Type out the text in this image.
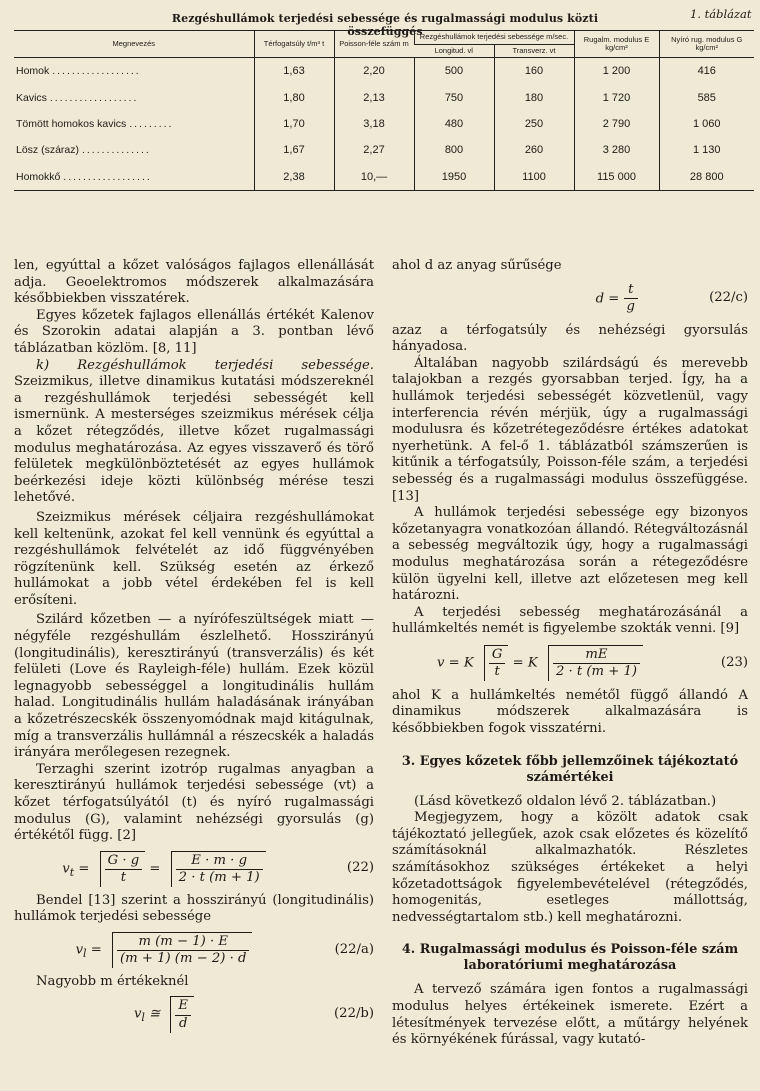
Rezgéshullámok terjedési sebessége és rugalmassági modulus közti összefüggés
1. táblázat
Megnevezés	Térfogatsúly t/m³ t	Poisson-féle szám m	Rezgéshullámok terjedési sebessége m/sec.		Rugalm. modulus E kg/cm²	Nyíró rug. modulus G kg/cm²
			Longitud. vl	Transverz. vt		
Homok ..................	1,63	2,20	500	160	1 200	416
Kavics ..................	1,80	2,13	750	180	1 720	585
Tömött homokos kavics .........	1,70	3,18	480	250	2 790	1 060
Lösz (száraz) ..............	1,67	2,27	800	260	3 280	1 130
Homokkő ..................	2,38	10,—	1950	1100	115 000	28 800

len, egyúttal a kőzet valóságos fajlagos ellenállását adja. Geoelektromos módszerek alkalmazására későbbiekben visszatérek.

Egyes kőzetek fajlagos ellenállás értékét Kalenov és Szorokin adatai alapján a 3. pontban lévő táblázatban közlöm. [8, 11]

k) Rezgéshullámok terjedési sebessége. Szeizmikus, illetve dinamikus kutatási módszereknél a rezgéshullámok terjedési sebességét kell ismernünk. A mesterséges szeizmikus mérések célja a kőzet rétegződés, illetve kőzet rugalmassági modulus meghatározása. Az egyes visszaverő és törő felületek megkülönböztetését az egyes hullámok beérkezési ideje közti különbség mérése teszi lehetővé.

Szeizmikus mérések céljaira rezgéshullámokat kell keltenünk, azokat fel kell vennünk és egyúttal a rezgéshullámok felvételét az idő függvényében rögzítenünk kell. Szükség esetén az érkező hullámokat a jobb vétel érdekében fel is kell erősíteni.

Szilárd kőzetben — a nyírófeszültségek miatt — négyféle rezgéshullám észlelhető. Hosszirányú (longitudinális), keresztirányú (transverzális) és két felületi (Love és Rayleigh-féle) hullám. Ezek közül legnagyobb sebességgel a longitudinális hullám halad. Longitudinális hullám haladásának irányában a kőzetrészecskék összenyomódnak majd kitágulnak, míg a transverzális hullámnál a részecskék a haladás irányára merőlegesen rezegnek.

Terzaghi szerint izotróp rugalmas anyagban a keresztirányú hullámok terjedési sebessége (vt) a kőzet térfogatsúlyától (t) és nyíró rugalmassági modulus (G), valamint nehézségi gyorsulás (g) értékétől függ. [2]

$v_t = \frac{G \cdot g}{t} = \frac{E \cdot m \cdot g}{2 \cdot t (m + 1)}$	(22)

Bendel [13] szerint a hosszirányú (longitudinális) hullámok terjedési sebessége

$v_l = \frac{m (m - 1) \cdot E}{(m + 1) (m - 2) \cdot d}$	(22/a)

Nagyobb m értékeknél

$v_l$ ≅ $\frac{E}{d}$	(22/b)

ahol d az anyag sűrűsége

$d = \frac{t}{g}$	(22/c)

azaz a térfogatsúly és nehézségi gyorsulás hányadosa.

Általában nagyobb szilárdságú és merevebb talajokban a rezgés gyorsabban terjed. Így, ha a hullámok terjedési sebességét közvetlenül, vagy interferencia révén mérjük, úgy a rugalmassági modulusra és kőzetrétegeződésre értékes adatokat nyerhetünk. A fel-ő 1. táblázatból számszerűen is kitűnik a térfogatsúly, Poisson-féle szám, a terjedési sebesség és a rugalmassági modulus összefüggése. [13]

A hullámok terjedési sebessége egy bizonyos kőzetanyagra vonatkozóan állandó. Rétegváltozásnál a sebesség megváltozik úgy, hogy a rugalmassági modulus meghatározása során a rétegeződésre külön ügyelni kell, illetve azt előzetesen meg kell határozni.

A terjedési sebesség meghatározásánál a hullámkeltés nemét is figyelembe szokták venni. [9]

v = K $\frac{G}{t} = K \frac{mE}{2 \cdot t (m + 1)}$	(23)

ahol K a hullámkeltés nemétől függő állandó A dinamikus módszerek alkalmazására is későbbiekben fogok visszatérni.

3. Egyes kőzetek főbb jellemzőinek tájékoztató számértékei

(Lásd következő oldalon lévő 2. táblázatban.)

Megjegyzem, hogy a közölt adatok csak tájékoztató jellegűek, azok csak előzetes és közelítő számításoknál alkalmazhatók. Részletes számításokhoz szükséges értékeket a helyi kőzetadottságok figyelembevételével (rétegződés, homogenitás, esetleges mállottság, nedvességtartalom stb.) kell meghatározni.

4. Rugalmassági modulus és Poisson-féle szám laboratóriumi meghatározása

A tervező számára igen fontos a rugalmassági modulus helyes értékeinek ismerete. Ezért a létesítmények tervezése előtt, a műtárgy helyének és környékének fúrással, vagy kutató-
